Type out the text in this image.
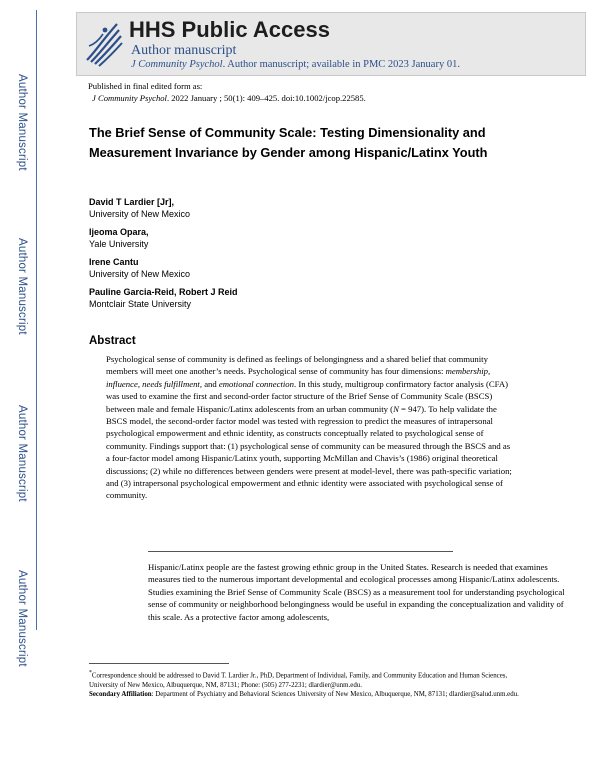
Author Manuscript
Author Manuscript
Author Manuscript
Author Manuscript
HHS Public Access
Author manuscript
J Community Psychol. Author manuscript; available in PMC 2023 January 01.
Published in final edited form as:
J Community Psychol. 2022 January ; 50(1): 409–425. doi:10.1002/jcop.22585.
The Brief Sense of Community Scale: Testing Dimensionality and Measurement Invariance by Gender among Hispanic/Latinx Youth
David T Lardier [Jr],
University of New Mexico
Ijeoma Opara,
Yale University
Irene Cantu
University of New Mexico
Pauline Garcia-Reid, Robert J Reid
Montclair State University
Abstract
Psychological sense of community is defined as feelings of belongingness and a shared belief that community members will meet one another’s needs. Psychological sense of community has four dimensions: membership, influence, needs fulfillment, and emotional connection. In this study, multigroup confirmatory factor analysis (CFA) was used to examine the first and second-order factor structure of the Brief Sense of Community Scale (BSCS) between male and female Hispanic/Latinx adolescents from an urban community (N = 947). To help validate the BSCS model, the second-order factor model was tested with regression to predict the measures of intrapersonal psychological empowerment and ethnic identity, as constructs conceptually related to psychological sense of community. Findings support that: (1) psychological sense of community can be measured through the BSCS and as a four-factor model among Hispanic/Latinx youth, supporting McMillan and Chavis’s (1986) original theoretical discussions; (2) while no differences between genders were present at model-level, there was path-specific variation; and (3) intrapersonal psychological empowerment and ethnic identity were associated with psychological sense of community.
Hispanic/Latinx people are the fastest growing ethnic group in the United States. Research is needed that examines measures tied to the numerous important developmental and ecological processes among Hispanic/Latinx adolescents. Studies examining the Brief Sense of Community Scale (BSCS) as a measurement tool for understanding psychological sense of community or neighborhood belongingness would be useful in expanding the conceptualization and validity of this scale. As a protective factor among adolescents,
*Correspondence should be addressed to David T. Lardier Jr., PhD, Department of Individual, Family, and Community Education and Human Sciences, University of New Mexico, Albuquerque, NM, 87131; Phone: (505) 277-2231; dlardier@unm.edu.
Secondary Affiliation: Department of Psychiatry and Behavioral Sciences University of New Mexico, Albuquerque, NM, 87131; dlardier@salud.unm.edu.
